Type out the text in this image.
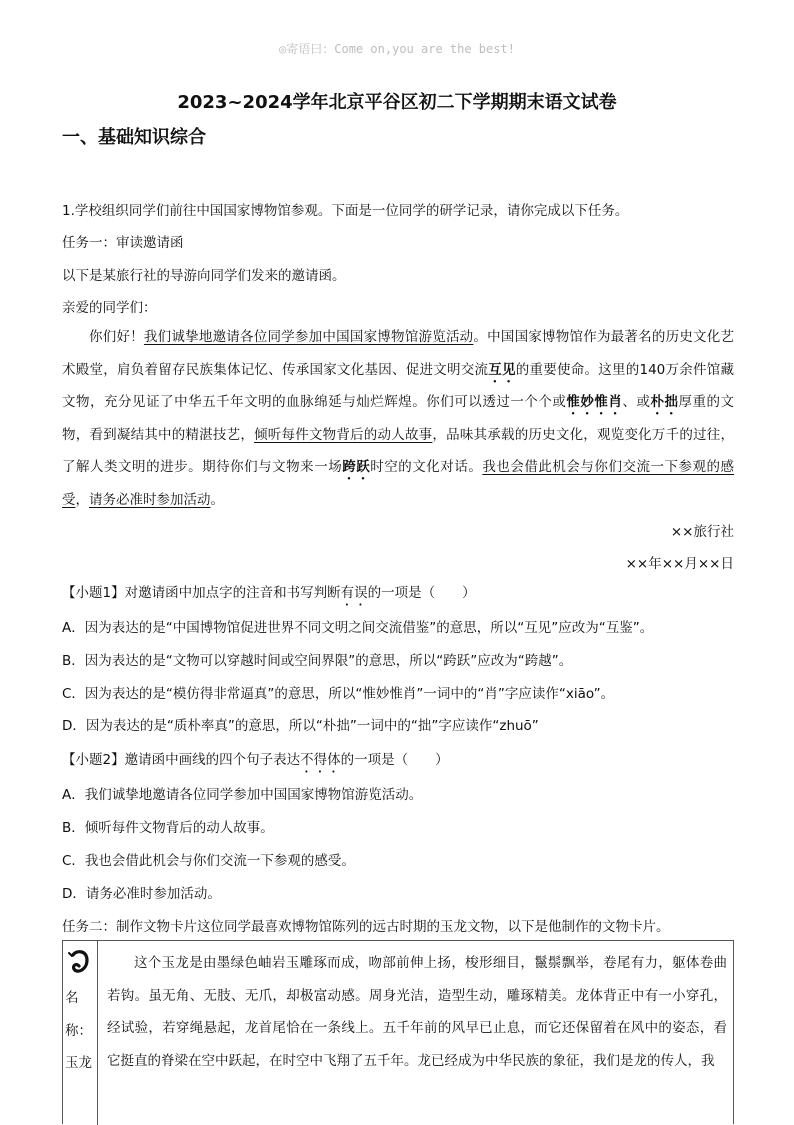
◎寄语曰：Come on,you are the best!
2023~2024学年北京平谷区初二下学期期末语文试卷
一、基础知识综合
1.学校组织同学们前往中国国家博物馆参观。下面是一位同学的研学记录，请你完成以下任务。
任务一：审读邀请函
以下是某旅行社的导游向同学们发来的邀请函。
亲爱的同学们：
你们好！我们诚挚地邀请各位同学参加中国国家博物馆游览活动。中国国家博物馆作为最著名的历史文化艺术殿堂，肩负着留存民族集体记忆、传承国家文化基因、促进文明交流互见的重要使命。这里的140万余件馆藏文物，充分见证了中华五千年文明的血脉绵延与灿烂辉煌。你们可以透过一个个或惟妙惟肖、或朴拙厚重的文物，看到凝结其中的精湛技艺，倾听每件文物背后的动人故事，品味其承载的历史文化，观览变化万千的过往，了解人类文明的进步。期待你们与文物来一场跨跃时空的文化对话。我也会借此机会与你们交流一下参观的感受，请务必准时参加活动。
××旅行社
××年××月××日
【小题1】对邀请函中加点字的注音和书写判断有误的一项是（　　）
A．因为表达的是“中国博物馆促进世界不同文明之间交流借鉴”的意思，所以“互见”应改为“互鉴”。
B．因为表达的是“文物可以穿越时间或空间界限”的意思，所以“跨跃”应改为“跨越”。
C．因为表达的是“模仿得非常逼真”的意思，所以“惟妙惟肖”一词中的“肖”字应读作“xiāo”。
D．因为表达的是“质朴率真”的意思，所以“朴拙”一词中的“拙”字应读作“zhuō”
【小题2】邀请函中画线的四个句子表达不得体的一项是（　　）
A．我们诚挚地邀请各位同学参加中国国家博物馆游览活动。
B．倾听每件文物背后的动人故事。
C．我也会借此机会与你们交流一下参观的感受。
D．请务必准时参加活动。
任务二：制作文物卡片这位同学最喜欢博物馆陈列的远古时期的玉龙文物，以下是他制作的文物卡片。
名
称：
玉龙
这个玉龙是由墨绿色岫岩玉雕琢而成，吻部前伸上扬，梭形细目，鬣鬃飘举，卷尾有力，躯体卷曲若钩。虽无角、无肢、无爪，却极富动感。周身光洁，造型生动，雕琢精美。龙体背正中有一小穿孔，经试验，若穿绳悬起，龙首尾恰在一条线上。五千年前的风早已止息，而它还保留着在风中的姿态，看它挺直的脊梁在空中跃起，在时空中飞翔了五千年。龙已经成为中华民族的象征，我们是龙的传人，我
